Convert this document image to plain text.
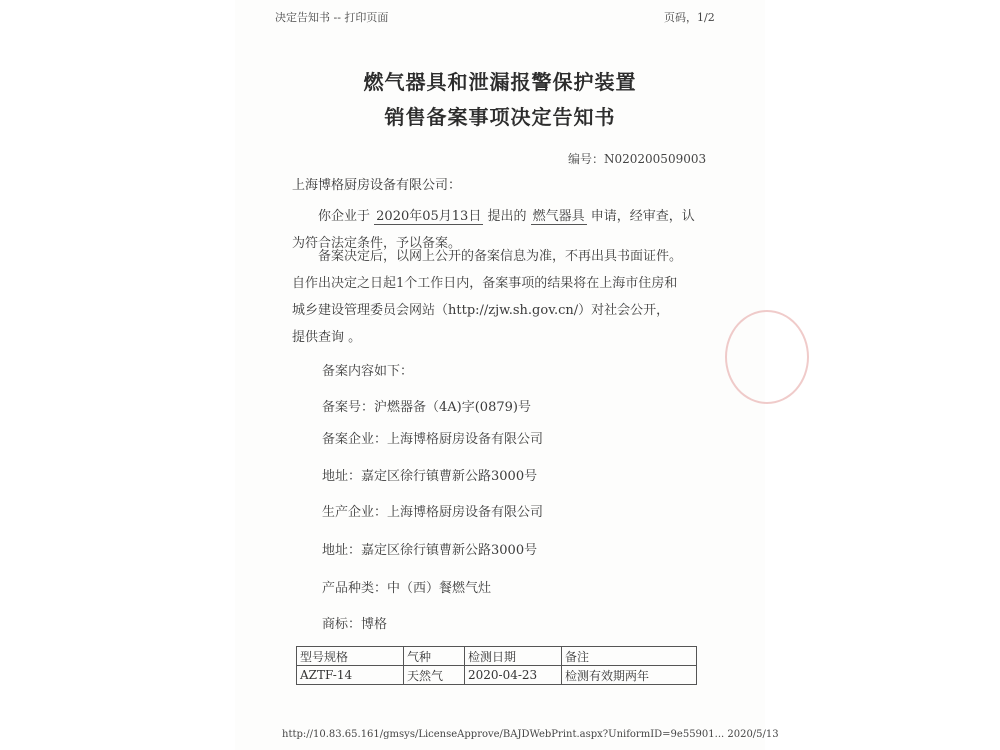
决定告知书 -- 打印页面	页码，1/2
燃气器具和泄漏报警保护装置
销售备案事项决定告知书
编号：N020200509003
上海博格厨房设备有限公司：
你企业于 2020年05月13日 提出的 燃气器具 申请，经审查，认
为符合法定条件，予以备案。
备案决定后，以网上公开的备案信息为准，不再出具书面证件。
自作出决定之日起1个工作日内，备案事项的结果将在上海市住房和
城乡建设管理委员会网站（http://zjw.sh.gov.cn/）对社会公开，
提供查询 。
备案内容如下：
备案号：沪燃器备（4A)字(0879)号
备案企业：上海博格厨房设备有限公司
地址：嘉定区徐行镇曹新公路3000号
生产企业：上海博格厨房设备有限公司
地址：嘉定区徐行镇曹新公路3000号
产品种类：中（西）餐燃气灶
商标：博格
型号规格	气种	检测日期	备注
AZTF-14	天然气	2020-04-23	检测有效期两年
http://10.83.65.161/gmsys/LicenseApprove/BAJDWebPrint.aspx?UniformID=9e55901... 2020/5/13
